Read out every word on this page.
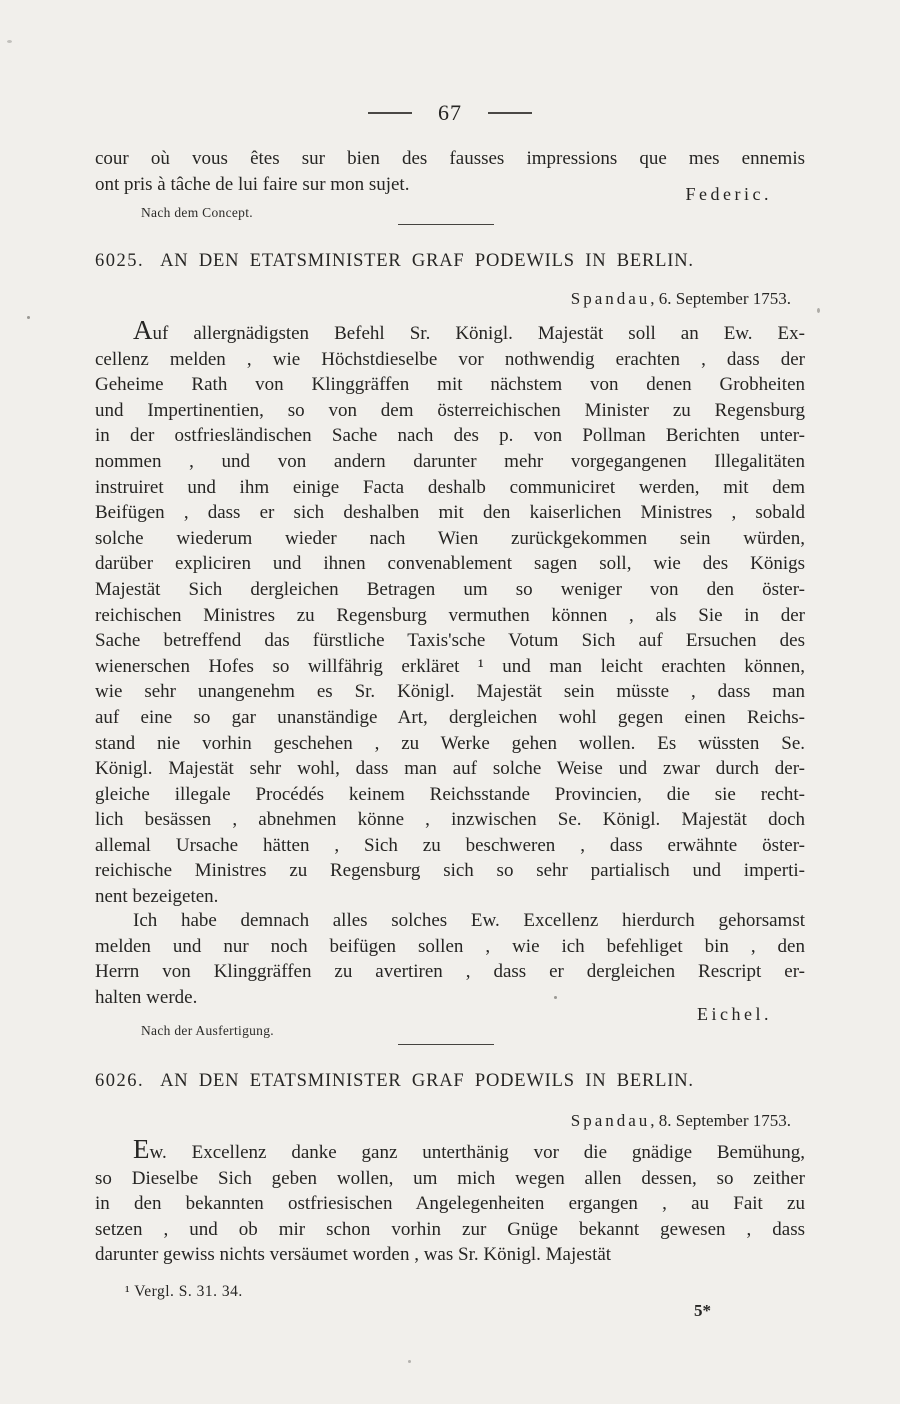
67
cour où vous êtes sur bien des fausses impressions que mes ennemis
ont pris à tâche de lui faire sur mon sujet.	Federic.
Nach dem Concept.
6025. AN DEN ETATSMINISTER GRAF PODEWILS IN BERLIN.
Spandau, 6. September 1753.
Auf allergnädigsten Befehl Sr. Königl. Majestät soll an Ew. Ex-
cellenz melden , wie Höchstdieselbe vor nothwendig erachten , dass der
Geheime Rath von Klinggräffen mit nächstem von denen Grobheiten
und Impertinentien, so von dem österreichischen Minister zu Regensburg
in der ostfriesländischen Sache nach des p. von Pollman Berichten unter-
nommen , und von andern darunter mehr vorgegangenen Illegalitäten
instruiret und ihm einige Facta deshalb communiciret werden, mit dem
Beifügen , dass er sich deshalben mit den kaiserlichen Ministres , sobald
solche wiederum wieder nach Wien zurückgekommen sein würden,
darüber expliciren und ihnen convenablement sagen soll, wie des Königs
Majestät Sich dergleichen Betragen um so weniger von den öster-
reichischen Ministres zu Regensburg vermuthen können , als Sie in der
Sache betreffend das fürstliche Taxis'sche Votum Sich auf Ersuchen des
wienerschen Hofes so willfährig erkläret ¹ und man leicht erachten können,
wie sehr unangenehm es Sr. Königl. Majestät sein müsste , dass man
auf eine so gar unanständige Art, dergleichen wohl gegen einen Reichs-
stand nie vorhin geschehen , zu Werke gehen wollen. Es wüssten Se.
Königl. Majestät sehr wohl, dass man auf solche Weise und zwar durch der-
gleiche illegale Procédés keinem Reichsstande Provincien, die sie recht-
lich besässen , abnehmen könne , inzwischen Se. Königl. Majestät doch
allemal Ursache hätten , Sich zu beschweren , dass erwähnte öster-
reichische Ministres zu Regensburg sich so sehr partialisch und imperti-
nent bezeigeten.
Ich habe demnach alles solches Ew. Excellenz hierdurch gehorsamst
melden und nur noch beifügen sollen , wie ich befehliget bin , den
Herrn von Klinggräffen zu avertiren , dass er dergleichen Rescript er-
halten werde.
Eichel.
Nach der Ausfertigung.
6026. AN DEN ETATSMINISTER GRAF PODEWILS IN BERLIN.
Spandau, 8. September 1753.
Ew. Excellenz danke ganz unterthänig vor die gnädige Bemühung,
so Dieselbe Sich geben wollen, um mich wegen allen dessen, so zeither
in den bekannten ostfriesischen Angelegenheiten ergangen , au Fait zu
setzen , und ob mir schon vorhin zur Gnüge bekannt gewesen , dass
darunter gewiss nichts versäumet worden , was Sr. Königl. Majestät
¹ Vergl. S. 31. 34.
5*
